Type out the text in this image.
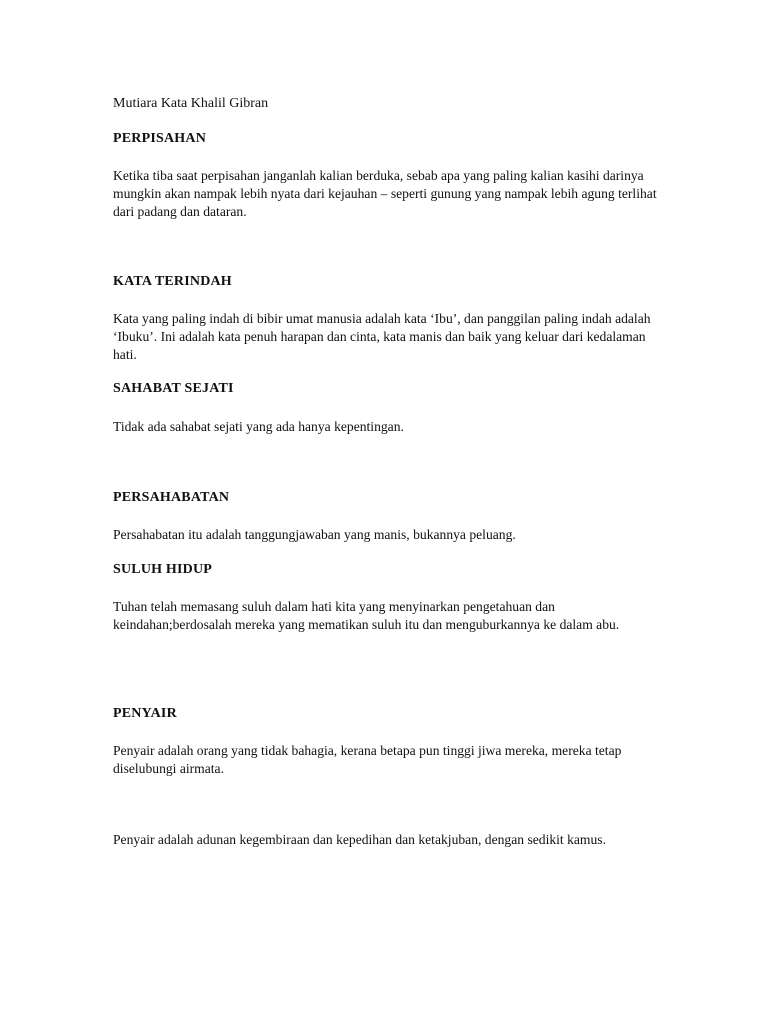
Mutiara Kata Khalil Gibran

PERPISAHAN

Ketika tiba saat perpisahan janganlah kalian berduka, sebab apa yang paling kalian kasihi darinya mungkin akan nampak lebih nyata dari kejauhan – seperti gunung yang nampak lebih agung terlihat dari padang dan dataran.

KATA TERINDAH

Kata yang paling indah di bibir umat manusia adalah kata ‘Ibu’, dan panggilan paling indah adalah ‘Ibuku’. Ini adalah kata penuh harapan dan cinta, kata manis dan baik yang keluar dari kedalaman hati.

SAHABAT SEJATI

Tidak ada sahabat sejati yang ada hanya kepentingan.

PERSAHABATAN

Persahabatan itu adalah tanggungjawaban yang manis, bukannya peluang.

SULUH HIDUP

Tuhan telah memasang suluh dalam hati kita yang menyinarkan pengetahuan dan keindahan;berdosalah mereka yang mematikan suluh itu dan menguburkannya ke dalam abu.

PENYAIR

Penyair adalah orang yang tidak bahagia, kerana betapa pun tinggi jiwa mereka, mereka tetap diselubungi airmata.

Penyair adalah adunan kegembiraan dan kepedihan dan ketakjuban, dengan sedikit kamus.
